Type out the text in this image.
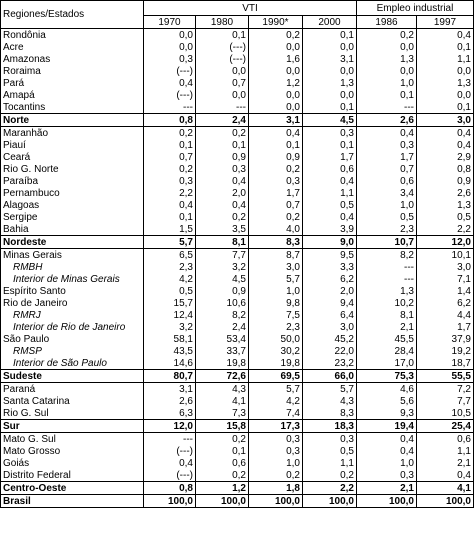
Regiones/Estados	VTI				Empleo industrial	
	1970	1980	1990*	2000	1986	1997
Rondônia	0,0	0,1	0,2	0,1	0,2	0,4
Acre	0,0	(---)	0,0	0,0	0,0	0,1
Amazonas	0,3	(---)	1,6	3,1	1,3	1,1
Roraima	(---)	0,0	0,0	0,0	0,0	0,0
Pará	0,4	0,7	1,2	1,3	1,0	1,3
Amapá	(---)	0,0	0,0	0,0	0,1	0,0
Tocantins	---	---	0,0	0,1	---	0,1
Norte	0,8	2,4	3,1	4,5	2,6	3,0
Maranhão	0,2	0,2	0,4	0,3	0,4	0,4
Piauí	0,1	0,1	0,1	0,1	0,3	0,4
Ceará	0,7	0,9	0,9	1,7	1,7	2,9
Rio G. Norte	0,2	0,3	0,2	0,6	0,7	0,8
Paraíba	0,3	0,4	0,3	0,4	0,6	0,9
Pernambuco	2,2	2,0	1,7	1,1	3,4	2,6
Alagoas	0,4	0,4	0,7	0,5	1,0	1,3
Sergipe	0,1	0,2	0,2	0,4	0,5	0,5
Bahia	1,5	3,5	4,0	3,9	2,3	2,2
Nordeste	5,7	8,1	8,3	9,0	10,7	12,0
Minas Gerais	6,5	7,7	8,7	9,5	8,2	10,1
RMBH	2,3	3,2	3,0	3,3	---	3,0
Interior de Minas Gerais	4,2	4,5	5,7	6,2	---	7,1
Espírito Santo	0,5	0,9	1,0	2,0	1,3	1,4
Rio de Janeiro	15,7	10,6	9,8	9,4	10,2	6,2
RMRJ	12,4	8,2	7,5	6,4	8,1	4,4
Interior de Rio de Janeiro	3,2	2,4	2,3	3,0	2,1	1,7
São Paulo	58,1	53,4	50,0	45,2	45,5	37,9
RMSP	43,5	33,7	30,2	22,0	28,4	19,2
Interior de São Paulo	14,6	19,8	19,8	23,2	17,0	18,7
Sudeste	80,7	72,6	69,5	66,0	75,3	55,5
Paraná	3,1	4,3	5,7	5,7	4,6	7,2
Santa Catarina	2,6	4,1	4,2	4,3	5,6	7,7
Rio G. Sul	6,3	7,3	7,4	8,3	9,3	10,5
Sur	12,0	15,8	17,3	18,3	19,4	25,4
Mato G. Sul	---	0,2	0,3	0,3	0,4	0,6
Mato Grosso	(---)	0,1	0,3	0,5	0,4	1,1
Goiás	0,4	0,6	1,0	1,1	1,0	2,1
Distrito Federal	(---)	0,2	0,2	0,2	0,3	0,4
Centro-Oeste	0,8	1,2	1,8	2,2	2,1	4,1
Brasil	100,0	100,0	100,0	100,0	100,0	100,0
